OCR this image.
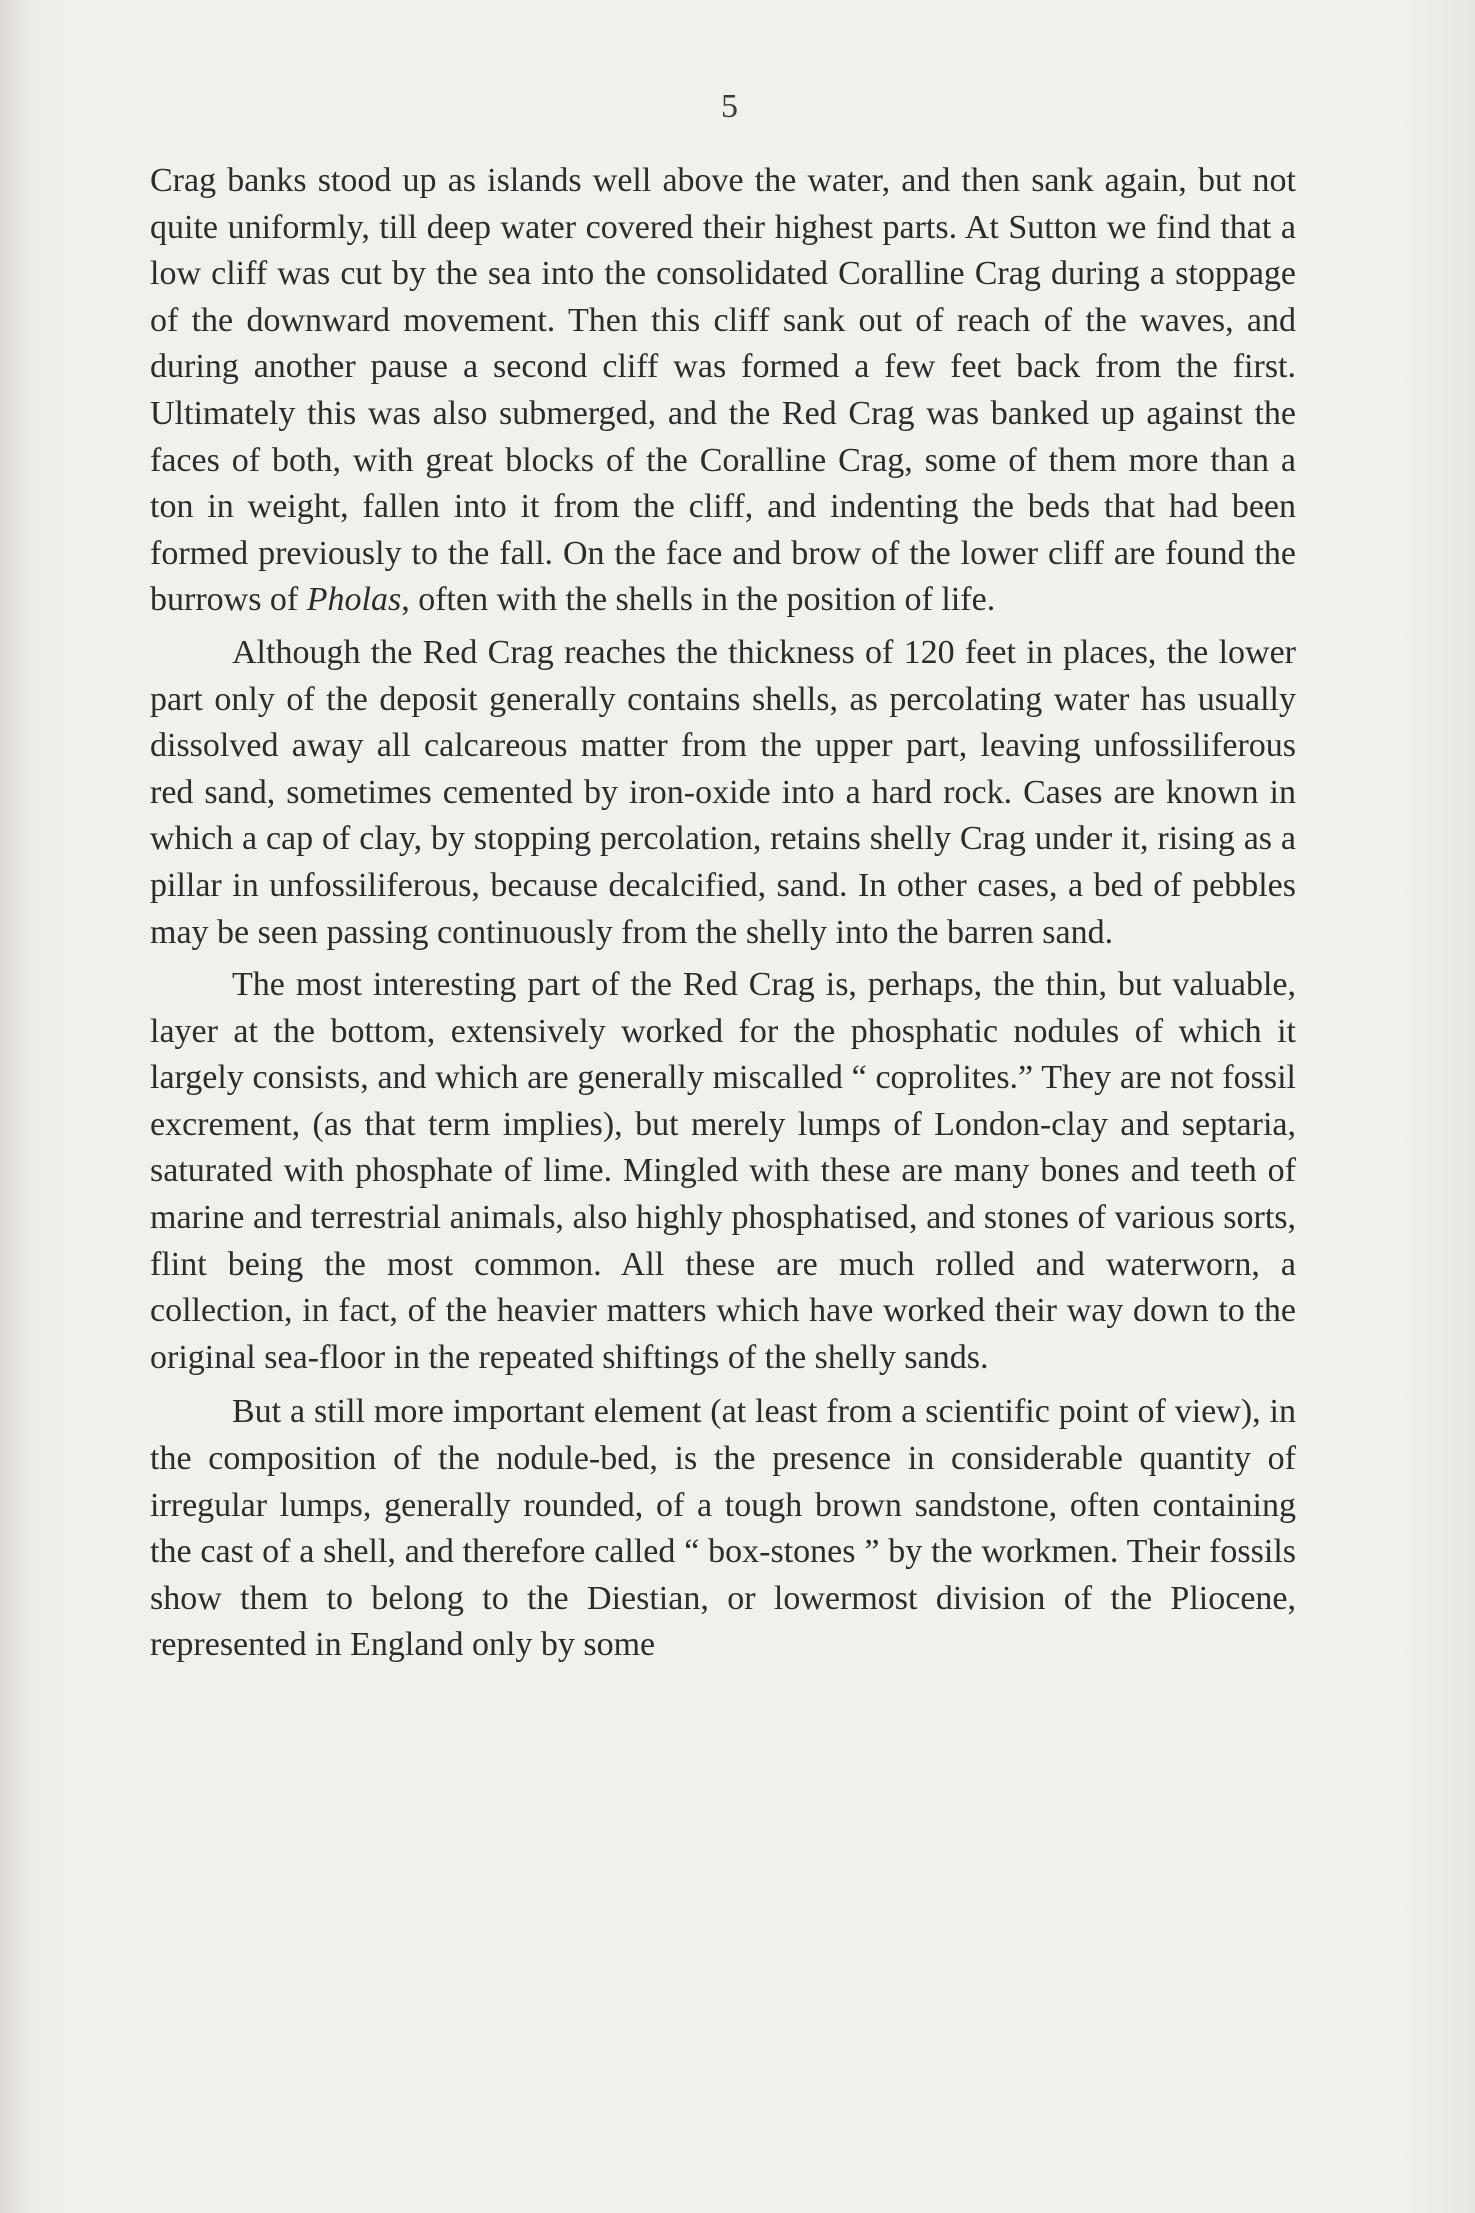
5

Crag banks stood up as islands well above the water, and then sank again, but not quite uniformly, till deep water covered their highest parts. At Sutton we find that a low cliff was cut by the sea into the consolidated Coralline Crag during a stoppage of the downward movement. Then this cliff sank out of reach of the waves, and during another pause a second cliff was formed a few feet back from the first. Ultimately this was also submerged, and the Red Crag was banked up against the faces of both, with great blocks of the Coralline Crag, some of them more than a ton in weight, fallen into it from the cliff, and indenting the beds that had been formed previously to the fall. On the face and brow of the lower cliff are found the burrows of Pholas, often with the shells in the position of life.

Although the Red Crag reaches the thickness of 120 feet in places, the lower part only of the deposit generally contains shells, as percolating water has usually dissolved away all calcareous matter from the upper part, leaving unfossiliferous red sand, sometimes cemented by iron-oxide into a hard rock. Cases are known in which a cap of clay, by stopping percolation, retains shelly Crag under it, rising as a pillar in unfossiliferous, because decalcified, sand. In other cases, a bed of pebbles may be seen passing continuously from the shelly into the barren sand.

The most interesting part of the Red Crag is, perhaps, the thin, but valuable, layer at the bottom, extensively worked for the phosphatic nodules of which it largely consists, and which are generally miscalled “ coprolites.” They are not fossil excrement, (as that term implies), but merely lumps of London-clay and septaria, saturated with phosphate of lime. Mingled with these are many bones and teeth of marine and terrestrial animals, also highly phosphatised, and stones of various sorts, flint being the most common. All these are much rolled and waterworn, a collection, in fact, of the heavier matters which have worked their way down to the original sea-floor in the repeated shiftings of the shelly sands.

But a still more important element (at least from a scientific point of view), in the composition of the nodule-bed, is the presence in considerable quantity of irregular lumps, generally rounded, of a tough brown sandstone, often containing the cast of a shell, and therefore called “ box-stones ” by the workmen. Their fossils show them to belong to the Diestian, or lowermost division of the Pliocene, represented in England only by some
